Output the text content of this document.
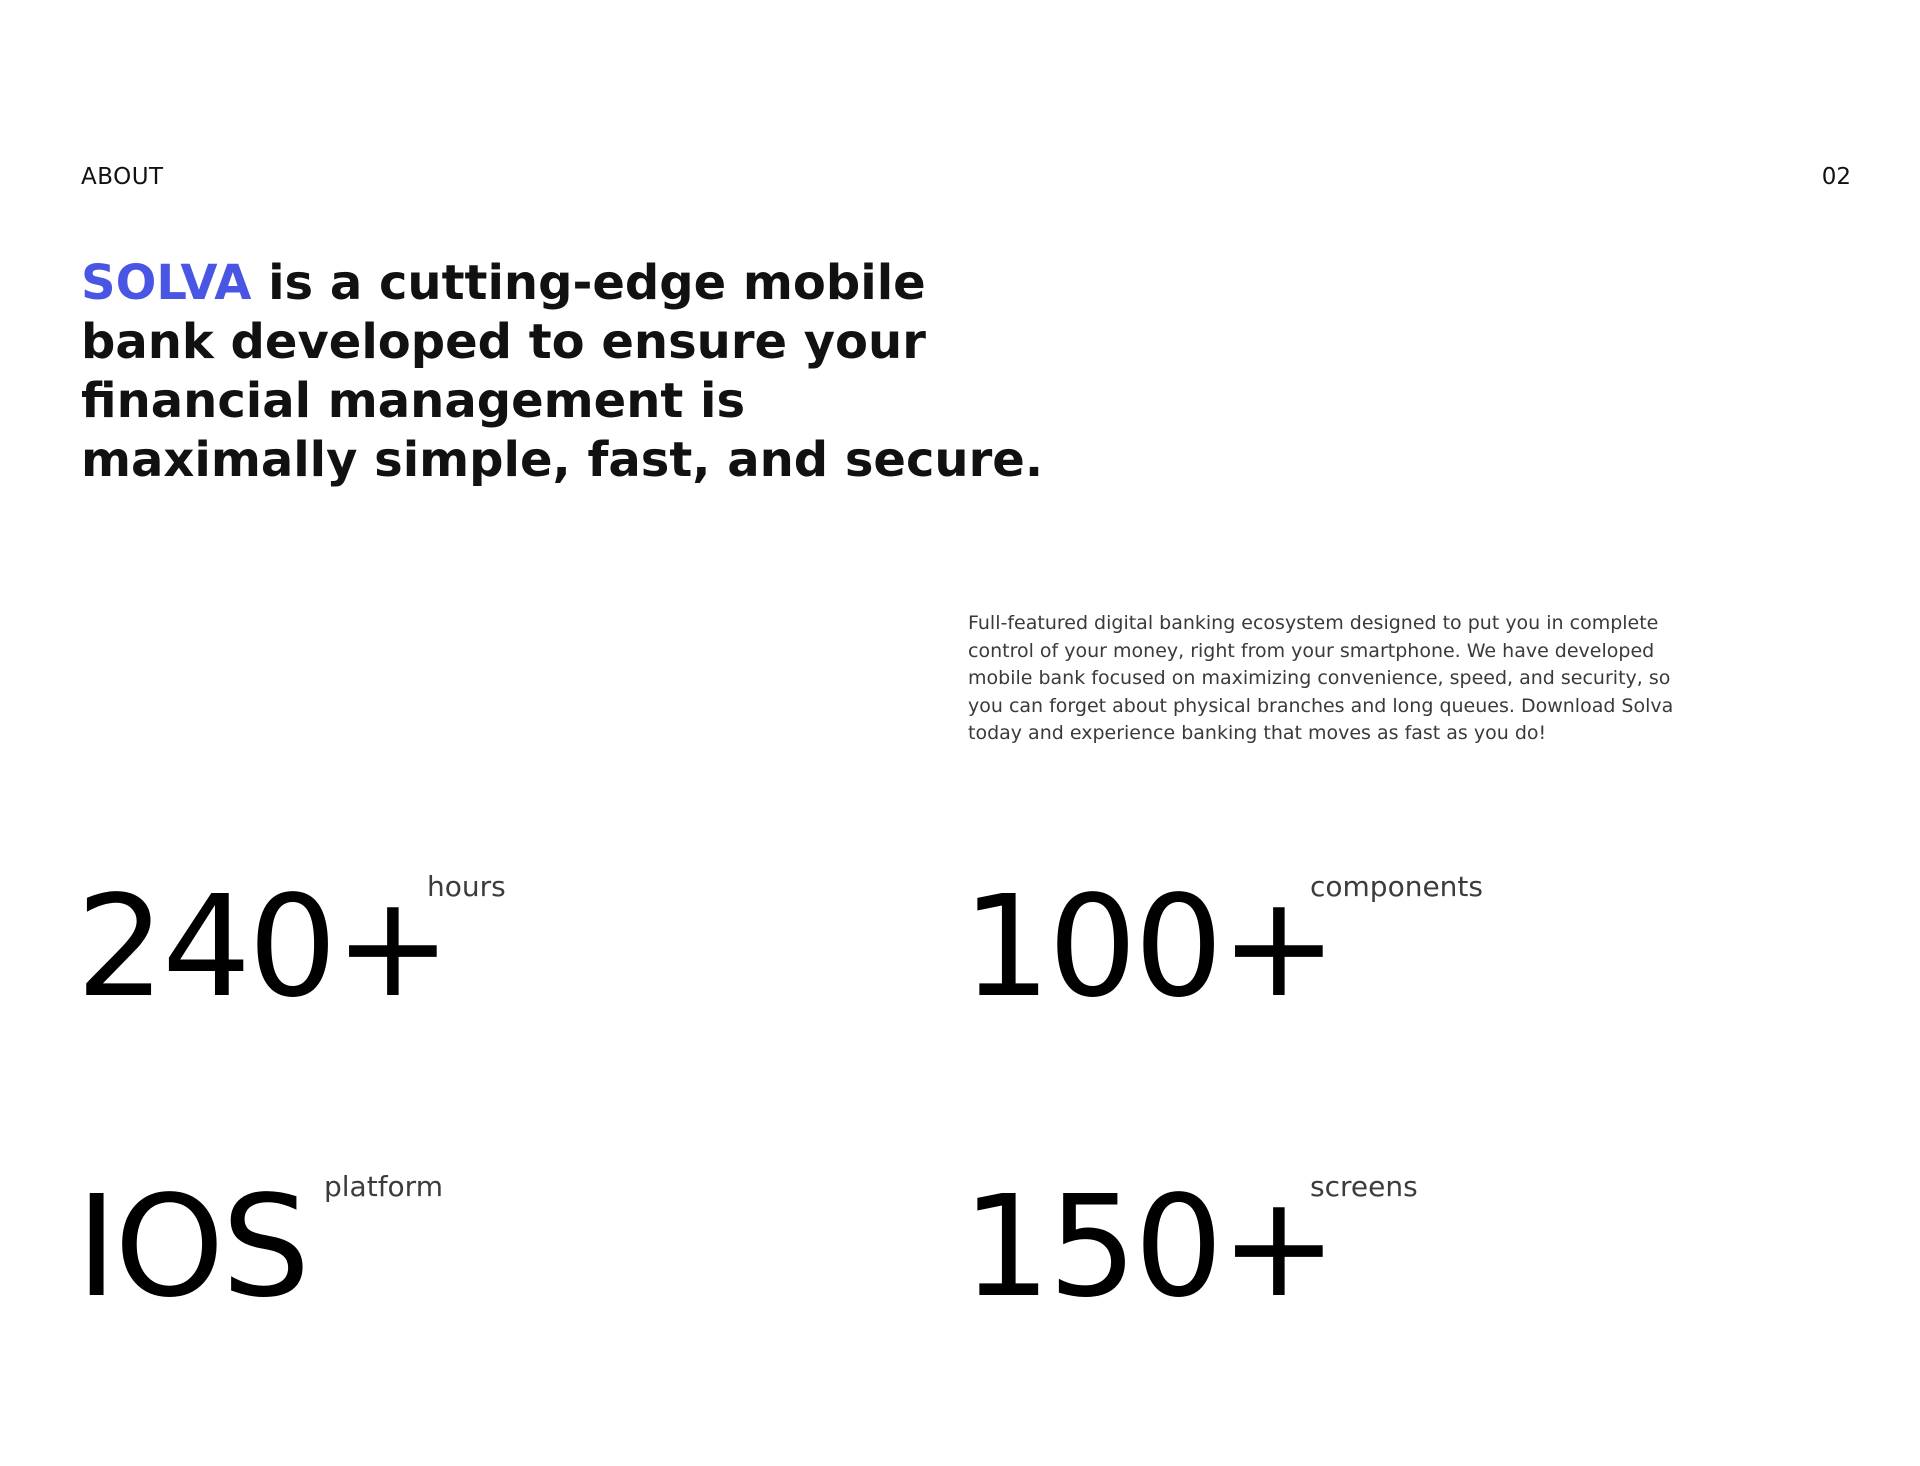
ABOUT	02
SOLVA is a cutting-edge mobile
bank developed to ensure your
financial management is
maximally simple, fast, and secure.

Full-featured digital banking ecosystem designed to put you in complete
control of your money, right from your smartphone. We have developed
mobile bank focused on maximizing convenience, speed, and security, so
you can forget about physical branches and long queues. Download Solva
today and experience banking that moves as fast as you do!

240+
hours	100+
components
IOS platform	150+
screens
